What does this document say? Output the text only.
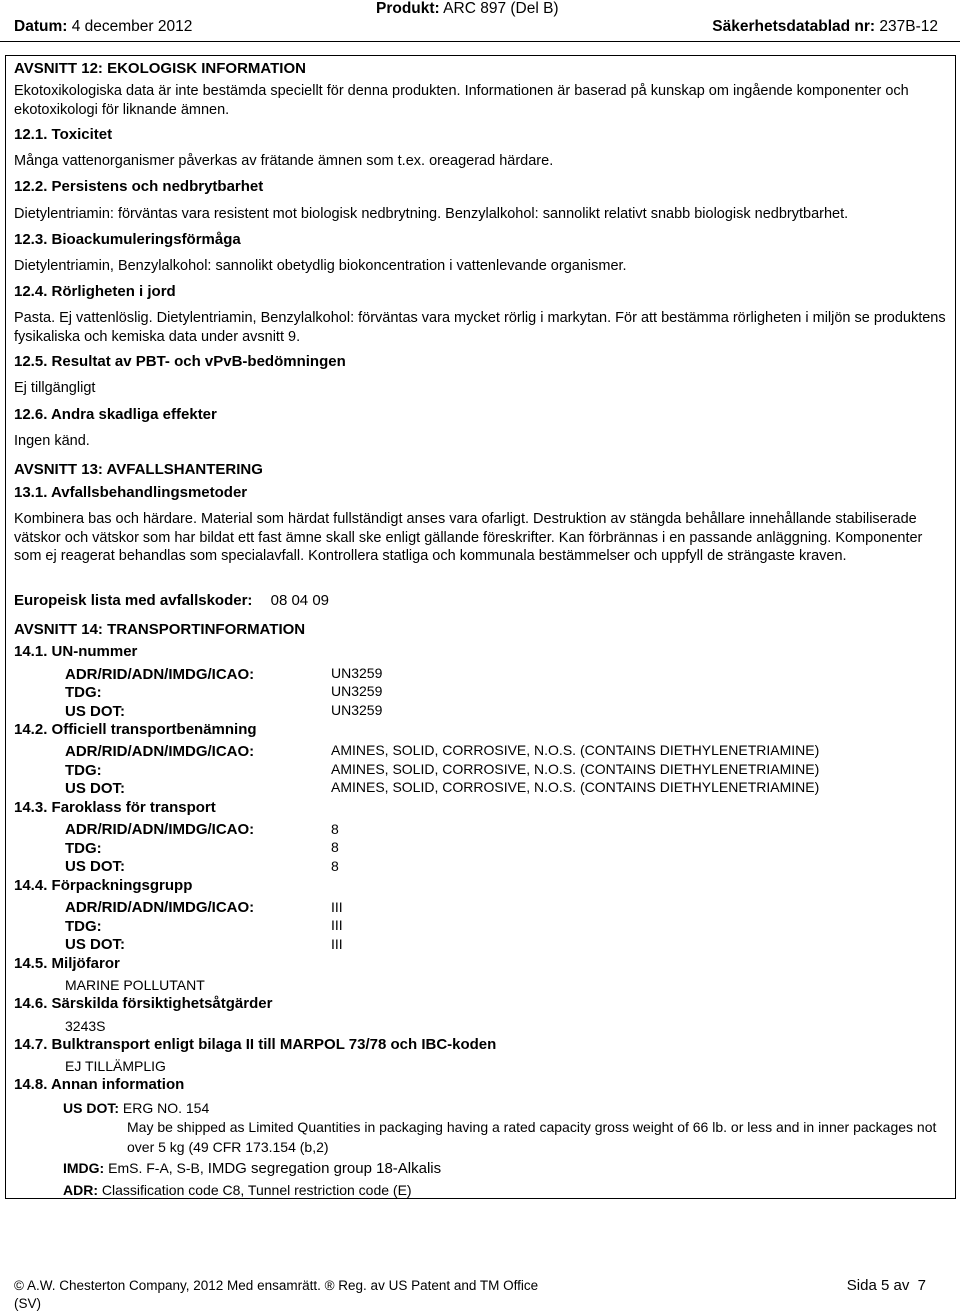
Produkt: ARC 897 (Del B)
Datum: 4 december 2012	Säkerhetsdatablad nr: 237B-12
AVSNITT 12: EKOLOGISK INFORMATION
Ekotoxikologiska data är inte bestämda speciellt för denna produkten. Informationen är baserad på kunskap om ingående komponenter och ekotoxikologi för liknande ämnen.
12.1. Toxicitet
Många vattenorganismer påverkas av frätande ämnen som t.ex. oreagerad härdare.
12.2. Persistens och nedbrytbarhet
Dietylentriamin: förväntas vara resistent mot biologisk nedbrytning. Benzylalkohol: sannolikt relativt snabb biologisk nedbrytbarhet.
12.3. Bioackumuleringsförmåga
Dietylentriamin, Benzylalkohol: sannolikt obetydlig biokoncentration i vattenlevande organismer.
12.4. Rörligheten i jord
Pasta. Ej vattenlöslig. Dietylentriamin, Benzylalkohol: förväntas vara mycket rörlig i markytan. För att bestämma rörligheten i miljön se produktens fysikaliska och kemiska data under avsnitt 9.
12.5. Resultat av PBT- och vPvB-bedömningen
Ej tillgängligt
12.6. Andra skadliga effekter
Ingen känd.
AVSNITT 13: AVFALLSHANTERING
13.1. Avfallsbehandlingsmetoder
Kombinera bas och härdare. Material som härdat fullständigt anses vara ofarligt. Destruktion av stängda behållare innehållande stabiliserade vätskor och vätskor som har bildat ett fast ämne skall ske enligt gällande föreskrifter. Kan förbrännas i en passande anläggning. Komponenter som ej reagerat behandlas som specialavfall. Kontrollera statliga och kommunala bestämmelser och uppfyll de strängaste kraven.
Europeisk lista med avfallskoder: 08 04 09
AVSNITT 14: TRANSPORTINFORMATION
14.1. UN-nummer
ADR/RID/ADN/IMDG/ICAO:	UN3259
TDG:	UN3259
US DOT:	UN3259
14.2. Officiell transportbenämning
ADR/RID/ADN/IMDG/ICAO:	AMINES, SOLID, CORROSIVE, N.O.S. (CONTAINS DIETHYLENETRIAMINE)
TDG:	AMINES, SOLID, CORROSIVE, N.O.S. (CONTAINS DIETHYLENETRIAMINE)
US DOT:	AMINES, SOLID, CORROSIVE, N.O.S. (CONTAINS DIETHYLENETRIAMINE)
14.3. Faroklass för transport
ADR/RID/ADN/IMDG/ICAO:	8
TDG:	8
US DOT:	8
14.4. Förpackningsgrupp
ADR/RID/ADN/IMDG/ICAO:	III
TDG:	III
US DOT:	III
14.5. Miljöfaror
MARINE POLLUTANT
14.6. Särskilda försiktighetsåtgärder
3243S
14.7. Bulktransport enligt bilaga II till MARPOL 73/78 och IBC-koden
EJ TILLÄMPLIG
14.8. Annan information
US DOT: ERG NO. 154
May be shipped as Limited Quantities in packaging having a rated capacity gross weight of 66 lb. or less and in inner packages not over 5 kg (49 CFR 173.154 (b,2)
IMDG: EmS. F-A, S-B, IMDG segregation group 18-Alkalis
ADR: Classification code C8, Tunnel restriction code (E)
© A.W. Chesterton Company, 2012 Med ensamrätt. ® Reg. av US Patent and TM Office
(SV)
Sida 5 av  7
